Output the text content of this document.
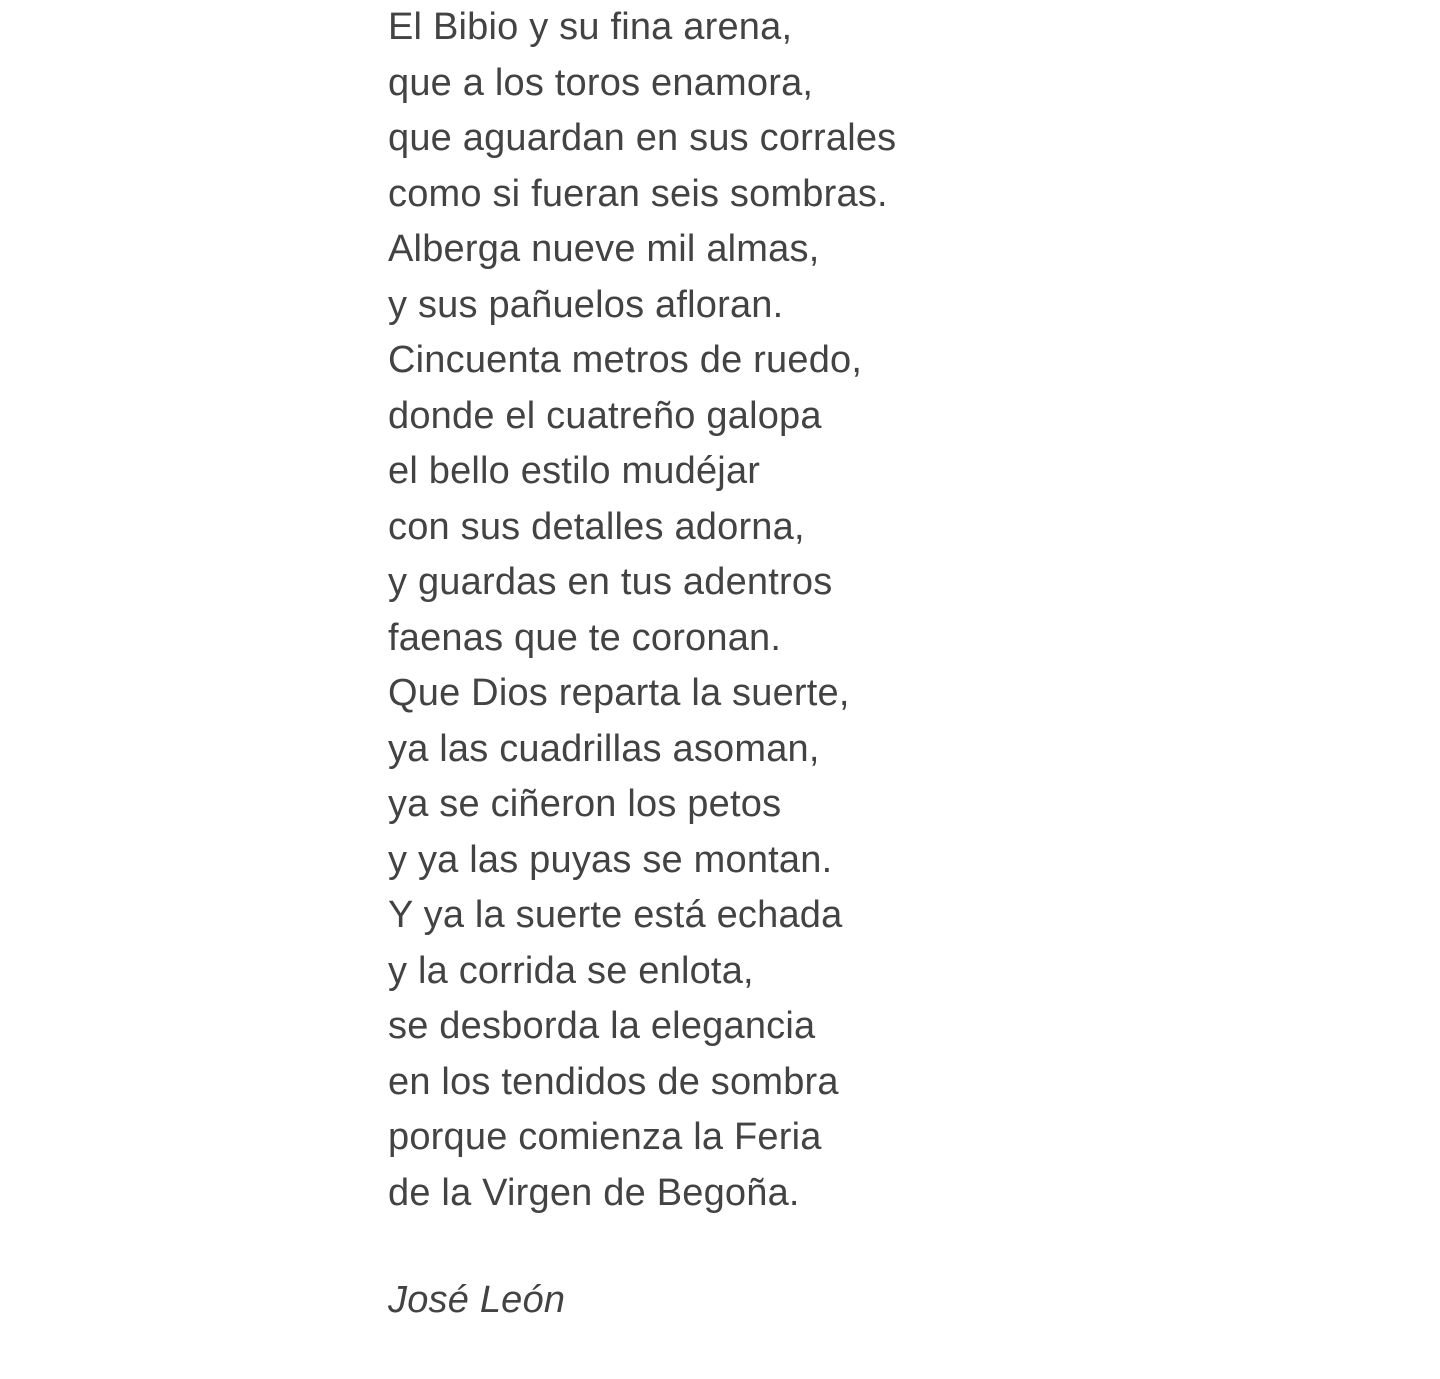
El Bibio y su fina arena,
que a los toros enamora,
que aguardan en sus corrales
como si fueran seis sombras.
Alberga nueve mil almas,
y sus pañuelos afloran.
Cincuenta metros de ruedo,
donde el cuatreño galopa
el bello estilo mudéjar
con sus detalles adorna,
y guardas en tus adentros
faenas que te coronan.
Que Dios reparta la suerte,
ya las cuadrillas asoman,
ya se ciñeron los petos
y ya las puyas se montan.
Y ya la suerte está echada
y la corrida se enlota,
se desborda la elegancia
en los tendidos de sombra
porque comienza la Feria
de la Virgen de Begoña.
José León
